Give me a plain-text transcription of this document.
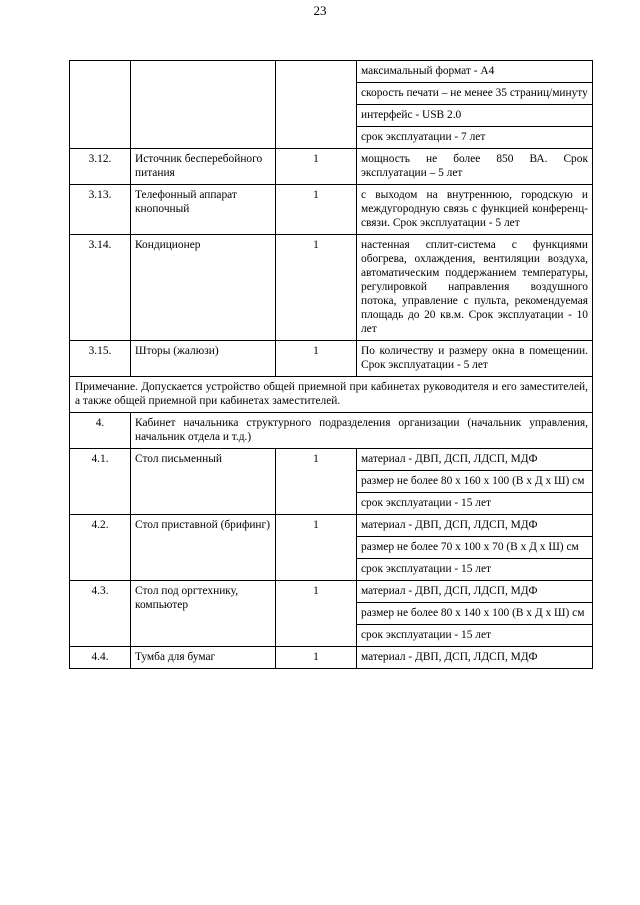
23
			максимальный формат - А4
			скорость печати – не менее 35 страниц/минуту
			интерфейс - USB 2.0
			срок эксплуатации - 7 лет
3.12.	Источник бесперебойного питания	1	мощность не более 850 ВА. Срок эксплуатации – 5 лет
3.13.	Телефонный аппарат кнопочный	1	с выходом на внутреннюю, городскую и междугородную связь с функцией конференц-связи. Срок эксплуатации - 5 лет
3.14.	Кондиционер	1	настенная сплит-система с функциями обогрева, охлаждения, вентиляции воздуха, автоматическим поддержанием температуры, регулировкой направления воздушного потока, управление с пульта, рекомендуемая площадь до 20 кв.м. Срок эксплуатации - 10 лет
3.15.	Шторы (жалюзи)	1	По количеству и размеру окна в помещении. Срок эксплуатации - 5 лет
Примечание. Допускается устройство общей приемной при кабинетах руководителя и его заместителей, а также общей приемной при кабинетах заместителей.			
4.	Кабинет начальника структурного подразделения организации (начальник управления, начальник отдела и т.д.)		
4.1.	Стол письменный	1	материал - ДВП, ДСП, ЛДСП, МДФ
			размер не более 80 x 160 x 100 (В x Д x Ш) см
			срок эксплуатации - 15 лет
4.2.	Стол приставной (брифинг)	1	материал - ДВП, ДСП, ЛДСП, МДФ
			размер не более 70 x 100 x 70 (В x Д x Ш) см
			срок эксплуатации - 15 лет
4.3.	Стол под оргтехнику, компьютер	1	материал - ДВП, ДСП, ЛДСП, МДФ
			размер не более 80 x 140 x 100 (В x Д x Ш) см
			срок эксплуатации - 15 лет
4.4.	Тумба для бумаг	1	материал - ДВП, ДСП, ЛДСП, МДФ
